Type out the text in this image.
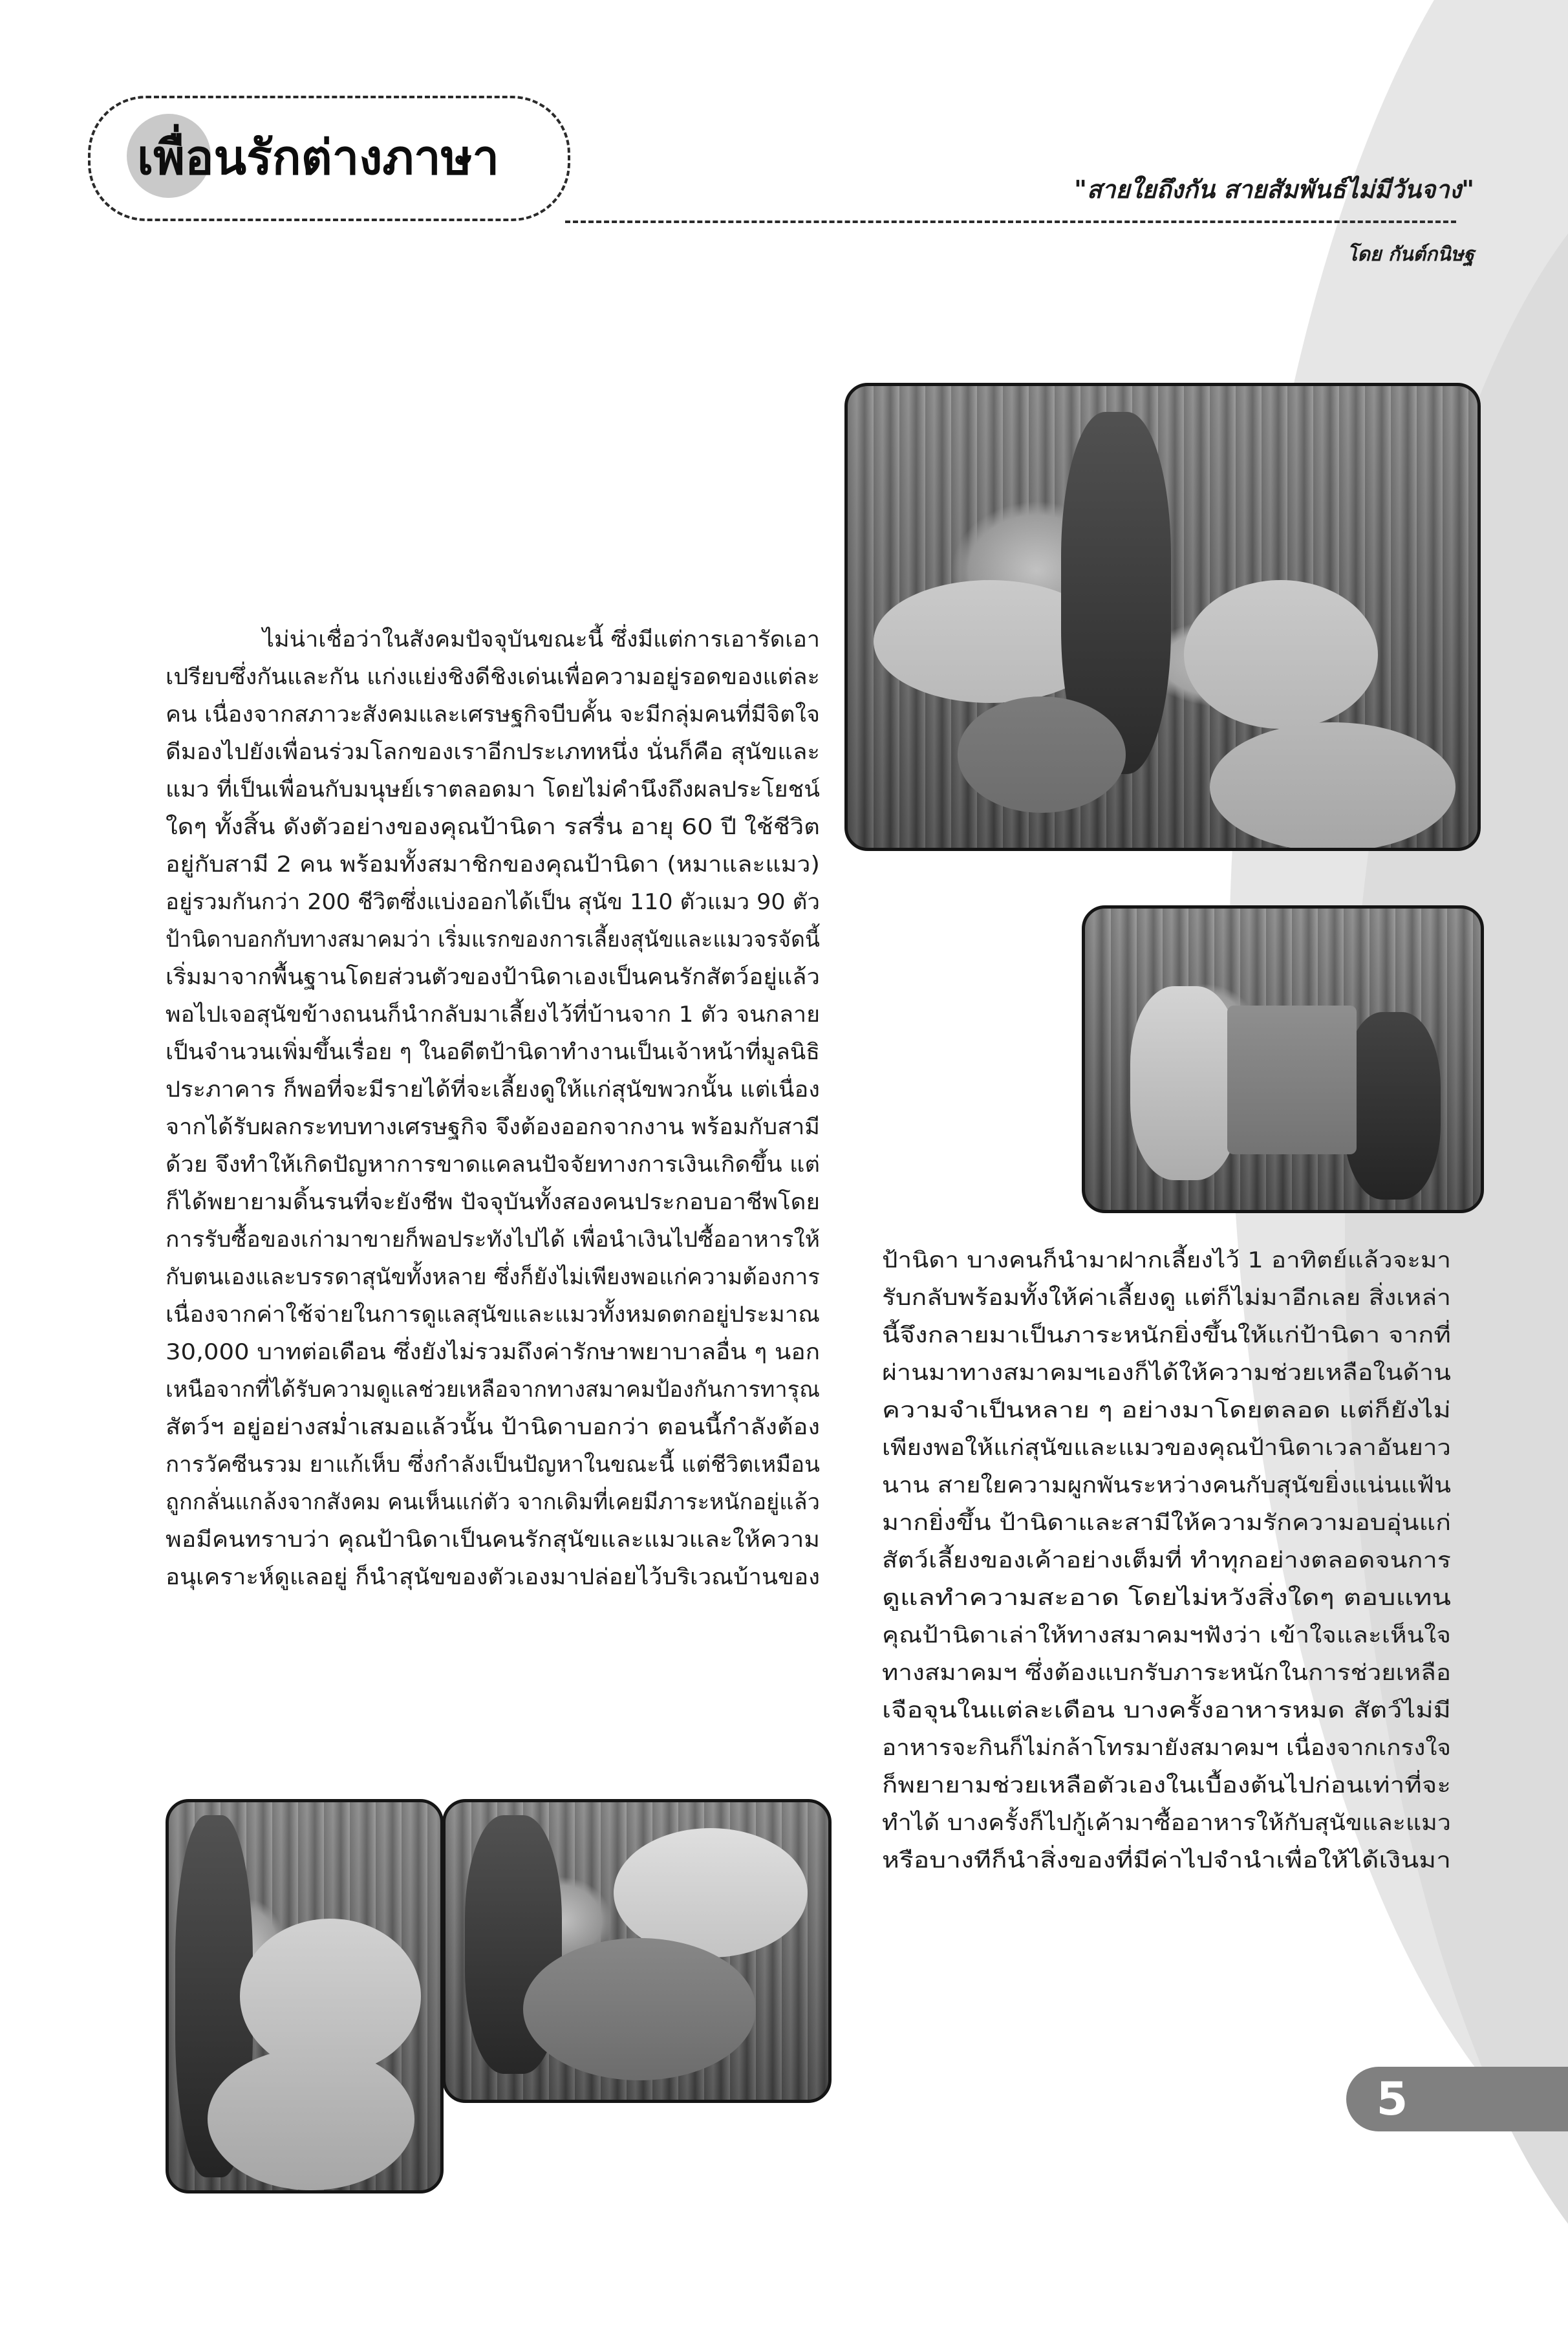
เพื่อนรักต่างภาษา
"สายใยถึงกัน สายสัมพันธ์ไม่มีวันจาง"
โดย กันต์กนิษฐ

ไม่น่าเชื่อว่าในสังคมปัจจุบันขณะนี้ ซึ่งมีแต่การเอารัดเอา

เปรียบซึ่งกันและกัน แก่งแย่งชิงดีชิงเด่นเพื่อความอยู่รอดของแต่ละ

คน เนื่องจากสภาวะสังคมและเศรษฐกิจบีบคั้น จะมีกลุ่มคนที่มีจิตใจ

ดีมองไปยังเพื่อนร่วมโลกของเราอีกประเภทหนึ่ง นั่นก็คือ สุนัขและ

แมว ที่เป็นเพื่อนกับมนุษย์เราตลอดมา โดยไม่คำนึงถึงผลประโยชน์

ใดๆ ทั้งสิ้น ดังตัวอย่างของคุณป้านิดา รสรื่น อายุ 60 ปี ใช้ชีวิต

อยู่กับสามี 2 คน พร้อมทั้งสมาชิกของคุณป้านิดา (หมาและแมว)

อยู่รวมกันกว่า 200 ชีวิตซึ่งแบ่งออกได้เป็น สุนัข 110 ตัวแมว 90 ตัว

ป้านิดาบอกกับทางสมาคมว่า เริ่มแรกของการเลี้ยงสุนัขและแมวจรจัดนี้

เริ่มมาจากพื้นฐานโดยส่วนตัวของป้านิดาเองเป็นคนรักสัตว์อยู่แล้ว

พอไปเจอสุนัขข้างถนนก็นำกลับมาเลี้ยงไว้ที่บ้านจาก 1 ตัว จนกลาย

เป็นจำนวนเพิ่มขึ้นเรื่อย ๆ ในอดีตป้านิดาทำงานเป็นเจ้าหน้าที่มูลนิธิ

ประภาคาร ก็พอที่จะมีรายได้ที่จะเลี้ยงดูให้แก่สุนัขพวกนั้น แต่เนื่อง

จากได้รับผลกระทบทางเศรษฐกิจ จึงต้องออกจากงาน พร้อมกับสามี

ด้วย จึงทำให้เกิดปัญหาการขาดแคลนปัจจัยทางการเงินเกิดขึ้น แต่

ก็ได้พยายามดิ้นรนที่จะยังชีพ ปัจจุบันทั้งสองคนประกอบอาชีพโดย

การรับซื้อของเก่ามาขายก็พอประทังไปได้ เพื่อนำเงินไปซื้ออาหารให้

กับตนเองและบรรดาสุนัขทั้งหลาย ซึ่งก็ยังไม่เพียงพอแก่ความต้องการ

เนื่องจากค่าใช้จ่ายในการดูแลสุนัขและแมวทั้งหมดตกอยู่ประมาณ

30,000 บาทต่อเดือน ซึ่งยังไม่รวมถึงค่ารักษาพยาบาลอื่น ๆ นอก

เหนือจากที่ได้รับความดูแลช่วยเหลือจากทางสมาคมป้องกันการทารุณ

สัตว์ฯ อยู่อย่างสม่ำเสมอแล้วนั้น ป้านิดาบอกว่า ตอนนี้กำลังต้อง

การวัคซีนรวม ยาแก้เห็บ ซึ่งกำลังเป็นปัญหาในขณะนี้ แต่ชีวิตเหมือน

ถูกกลั่นแกล้งจากสังคม คนเห็นแก่ตัว จากเดิมที่เคยมีภาระหนักอยู่แล้ว

พอมีคนทราบว่า คุณป้านิดาเป็นคนรักสุนัขและแมวและให้ความ

อนุเคราะห์ดูแลอยู่ ก็นำสุนัขของตัวเองมาปล่อยไว้บริเวณบ้านของ

ป้านิดา บางคนก็นำมาฝากเลี้ยงไว้ 1 อาทิตย์แล้วจะมา

รับกลับพร้อมทั้งให้ค่าเลี้ยงดู แต่ก็ไม่มาอีกเลย สิ่งเหล่า

นี้จึงกลายมาเป็นภาระหนักยิ่งขึ้นให้แก่ป้านิดา จากที่

ผ่านมาทางสมาคมฯเองก็ได้ให้ความช่วยเหลือในด้าน

ความจำเป็นหลาย ๆ อย่างมาโดยตลอด แต่ก็ยังไม่

เพียงพอให้แก่สุนัขและแมวของคุณป้านิดาเวลาอันยาว

นาน สายใยความผูกพันระหว่างคนกับสุนัขยิ่งแน่นแฟ้น

มากยิ่งขึ้น ป้านิดาและสามีให้ความรักความอบอุ่นแก่

สัตว์เลี้ยงของเค้าอย่างเต็มที่ ทำทุกอย่างตลอดจนการ

ดูแลทำความสะอาด โดยไม่หวังสิ่งใดๆ ตอบแทน

คุณป้านิดาเล่าให้ทางสมาคมฯฟังว่า เข้าใจและเห็นใจ

ทางสมาคมฯ ซึ่งต้องแบกรับภาระหนักในการช่วยเหลือ

เจือจุนในแต่ละเดือน บางครั้งอาหารหมด สัตว์ไม่มี

อาหารจะกินก็ไม่กล้าโทรมายังสมาคมฯ เนื่องจากเกรงใจ

ก็พยายามช่วยเหลือตัวเองในเบื้องต้นไปก่อนเท่าที่จะ

ทำได้ บางครั้งก็ไปกู้เค้ามาซื้ออาหารให้กับสุนัขและแมว

หรือบางทีก็นำสิ่งของที่มีค่าไปจำนำเพื่อให้ได้เงินมา

5
